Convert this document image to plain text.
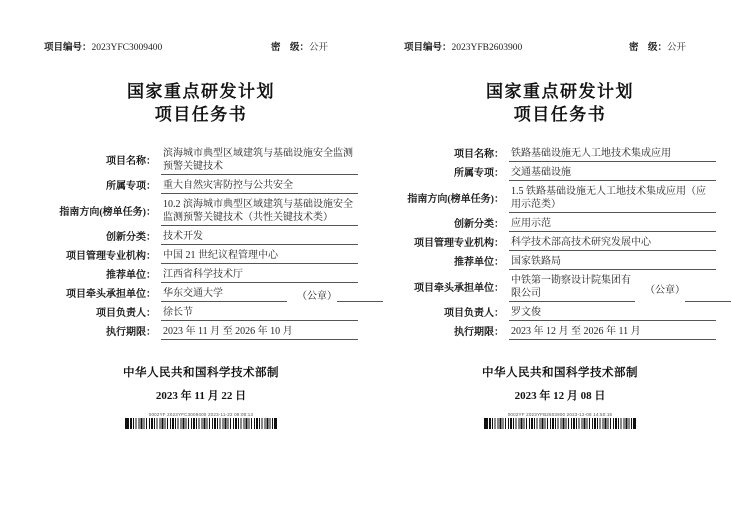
项目编号：2023YFC3009400	密　级：公开
国家重点研发计划
项目任务书
项目名称：
滨海城市典型区域建筑与基础设施安全监测预警关键技术
所属专项： 重大自然灾害防控与公共安全
指南方向(榜单任务)：
10.2 滨海城市典型区域建筑与基础设施安全监测预警关键技术（共性关键技术类）
创新分类： 技术开发
项目管理专业机构： 中国 21 世纪议程管理中心
推荐单位： 江西省科学技术厅
项目牵头承担单位： 华东交通大学	（公章）
项目负责人： 徐长节
执行期限： 2023 年 11 月 至 2026 年 10 月
中华人民共和国科学技术部制
2023 年 11 月 22 日
0002YF 2023YFC3009400 2023-11-22 09:08:13
项目编号：2023YFB2603900	密　级：公开
国家重点研发计划
项目任务书
项目名称： 铁路基础设施无人工地技术集成应用
所属专项： 交通基础设施
指南方向(榜单任务)：
1.5 铁路基础设施无人工地技术集成应用（应用示范类）
创新分类： 应用示范
项目管理专业机构： 科学技术部高技术研究发展中心
推荐单位： 国家铁路局
项目牵头承担单位：
中铁第一勘察设计院集团有限公司	（公章）
项目负责人： 罗文俊
执行期限： 2023 年 12 月 至 2026 年 11 月
中华人民共和国科学技术部制
2023 年 12 月 08 日
0002YF 2023YFB2603900 2023-12-08 14:50:16
